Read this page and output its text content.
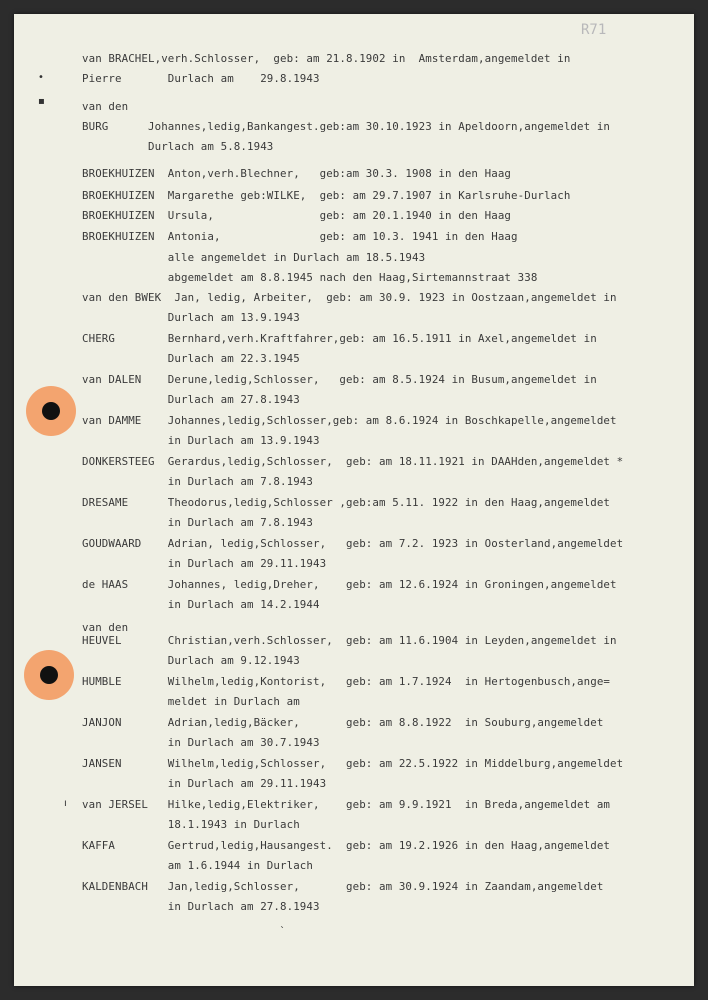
R71
•
▪
van BRACHEL,verh.Schlosser,  geb: am 21.8.1902 in  Amsterdam,angemeldet in
Pierre       Durlach am    29.8.1943
van den
BURG      Johannes,ledig,Bankangest.geb:am 30.10.1923 in Apeldoorn,angemeldet in
Durlach am 5.8.1943
BROEKHUIZEN  Anton,verh.Blechner,   geb:am 30.3. 1908 in den Haag
BROEKHUIZEN  Margarethe geb:WILKE,  geb: am 29.7.1907 in Karlsruhe-Durlach
BROEKHUIZEN  Ursula,                geb: am 20.1.1940 in den Haag
BROEKHUIZEN  Antonia,               geb: am 10.3. 1941 in den Haag
alle angemeldet in Durlach am 18.5.1943
abgemeldet am 8.8.1945 nach den Haag,Sirtemannstraat 338
van den BWEK  Jan, ledig, Arbeiter,  geb: am 30.9. 1923 in Oostzaan,angemeldet in
Durlach am 13.9.1943
CHERG        Bernhard,verh.Kraftfahrer,geb: am 16.5.1911 in Axel,angemeldet in
Durlach am 22.3.1945
van DALEN    Derune,ledig,Schlosser,   geb: am 8.5.1924 in Busum,angemeldet in
Durlach am 27.8.1943
van DAMME    Johannes,ledig,Schlosser,geb: am 8.6.1924 in Boschkapelle,angemeldet
in Durlach am 13.9.1943
DONKERSTEEG  Gerardus,ledig,Schlosser,  geb: am 18.11.1921 in DAAHden,angemeldet *
in Durlach am 7.8.1943
DRESAME      Theodorus,ledig,Schlosser ,geb:am 5.11. 1922 in den Haag,angemeldet
in Durlach am 7.8.1943
GOUDWAARD    Adrian, ledig,Schlosser,   geb: am 7.2. 1923 in Oosterland,angemeldet
in Durlach am 29.11.1943
de HAAS      Johannes, ledig,Dreher,    geb: am 12.6.1924 in Groningen,angemeldet
in Durlach am 14.2.1944
van den
HEUVEL       Christian,verh.Schlosser,  geb: am 11.6.1904 in Leyden,angemeldet in
Durlach am 9.12.1943
HUMBLE       Wilhelm,ledig,Kontorist,   geb: am 1.7.1924  in Hertogenbusch,ange=
meldet in Durlach am
JANJON       Adrian,ledig,Bäcker,       geb: am 8.8.1922  in Souburg,angemeldet
in Durlach am 30.7.1943
JANSEN       Wilhelm,ledig,Schlosser,   geb: am 22.5.1922 in Middelburg,angemeldet
in Durlach am 29.11.1943
van JERSEL   Hilke,ledig,Elektriker,    geb: am 9.9.1921  in Breda,angemeldet am
18.1.1943 in Durlach
KAFFA        Gertrud,ledig,Hausangest.  geb: am 19.2.1926 in den Haag,angemeldet
am 1.6.1944 in Durlach
KALDENBACH   Jan,ledig,Schlosser,       geb: am 30.9.1924 in Zaandam,angemeldet
in Durlach am 27.8.1943
ı
ˋ
